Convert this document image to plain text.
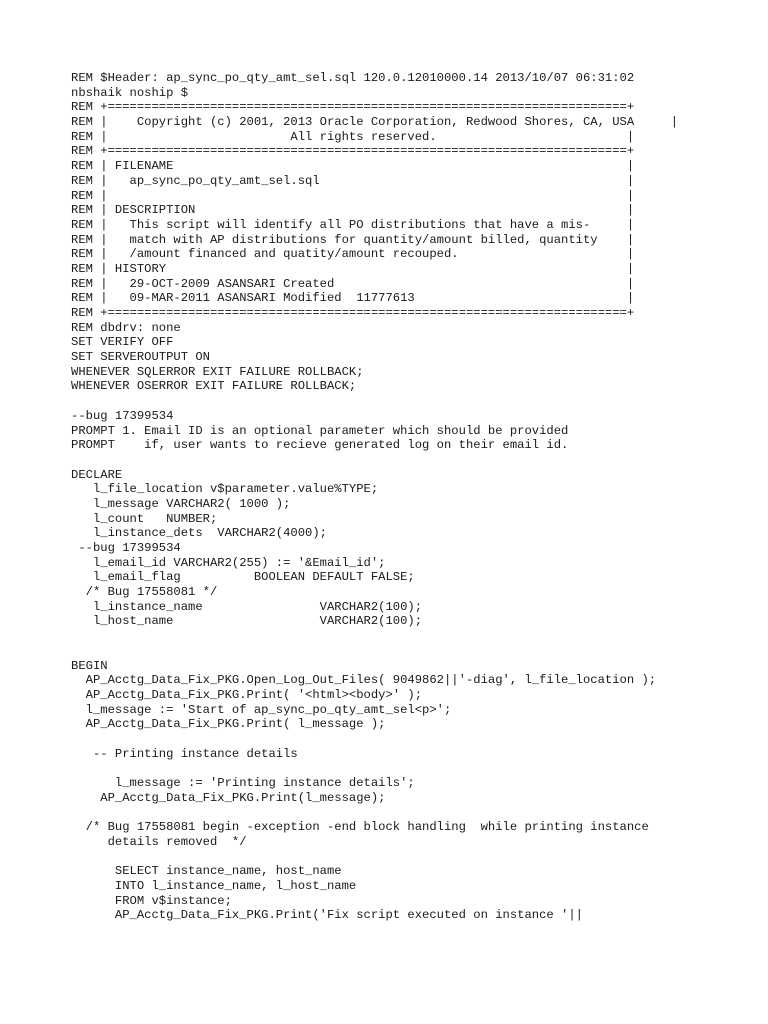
REM $Header: ap_sync_po_qty_amt_sel.sql 120.0.12010000.14 2013/10/07 06:31:02
nbshaik noship $
REM +=======================================================================+
REM |    Copyright (c) 2001, 2013 Oracle Corporation, Redwood Shores, CA, USA     |
REM |                         All rights reserved.                          |
REM +=======================================================================+
REM | FILENAME                                                              |
REM |   ap_sync_po_qty_amt_sel.sql                                          |
REM |                                                                       |
REM | DESCRIPTION                                                           |
REM |   This script will identify all PO distributions that have a mis-     |
REM |   match with AP distributions for quantity/amount billed, quantity    |
REM |   /amount financed and quatity/amount recouped.                       |
REM | HISTORY                                                               |
REM |   29-OCT-2009 ASANSARI Created                                        |
REM |   09-MAR-2011 ASANSARI Modified  11777613                             |
REM +=======================================================================+
REM dbdrv: none
SET VERIFY OFF
SET SERVEROUTPUT ON
WHENEVER SQLERROR EXIT FAILURE ROLLBACK;
WHENEVER OSERROR EXIT FAILURE ROLLBACK;
--bug 17399534
PROMPT 1. Email ID is an optional parameter which should be provided
PROMPT    if, user wants to recieve generated log on their email id.
DECLARE
l_file_location v$parameter.value%TYPE;
l_message VARCHAR2( 1000 );
l_count   NUMBER;
l_instance_dets  VARCHAR2(4000);
--bug 17399534
l_email_id VARCHAR2(255) := '&Email_id';
l_email_flag          BOOLEAN DEFAULT FALSE;
/* Bug 17558081 */
l_instance_name                VARCHAR2(100);
l_host_name                    VARCHAR2(100);
BEGIN
AP_Acctg_Data_Fix_PKG.Open_Log_Out_Files( 9049862||'-diag', l_file_location );
AP_Acctg_Data_Fix_PKG.Print( '<html><body>' );
l_message := 'Start of ap_sync_po_qty_amt_sel<p>';
AP_Acctg_Data_Fix_PKG.Print( l_message );
-- Printing instance details
l_message := 'Printing instance details';
AP_Acctg_Data_Fix_PKG.Print(l_message);
/* Bug 17558081 begin -exception -end block handling  while printing instance
details removed  */
SELECT instance_name, host_name
INTO l_instance_name, l_host_name
FROM v$instance;
AP_Acctg_Data_Fix_PKG.Print('Fix script executed on instance '||
